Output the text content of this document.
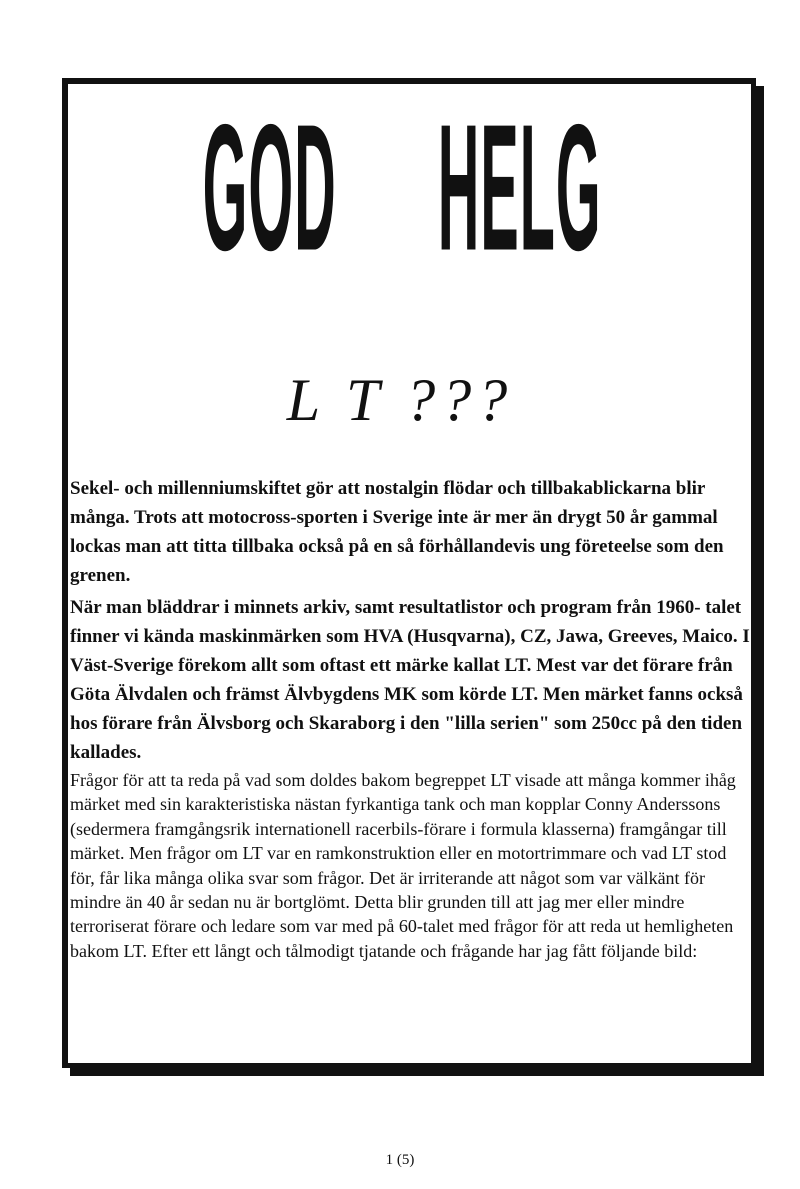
GOD HELG
L T ???
Sekel- och millenniumskiftet gör att nostalgin flödar och tillbakablickarna blir många. Trots att motocross-sporten i Sverige inte är mer än drygt 50 år gammal lockas man att titta tillbaka också på en så förhållandevis ung företeelse som den grenen.
När man bläddrar i minnets arkiv, samt resultatlistor och program från 1960- talet finner vi kända maskinmärken som HVA (Husqvarna), CZ, Jawa, Greeves, Maico. I Väst-Sverige förekom allt som oftast ett märke kallat LT. Mest var det förare från Göta Älvdalen och främst Älvbygdens MK som körde LT. Men märket fanns också hos förare från Älvsborg och Skaraborg i den "lilla serien" som 250cc på den tiden kallades.
Frågor för att ta reda på vad som doldes bakom begreppet LT visade att många kommer ihåg märket med sin karakteristiska nästan fyrkantiga tank och man kopplar Conny Anderssons (sedermera framgångsrik internationell racerbils-förare i formula klasserna) framgångar till märket. Men frågor om LT var en ramkonstruktion eller en motortrimmare och vad LT stod för, får lika många olika svar som frågor. Det är irriterande att något som var välkänt för mindre än 40 år sedan nu är bortglömt. Detta blir grunden till att jag mer eller mindre terroriserat förare och ledare som var med på 60-talet med frågor för att reda ut hemligheten bakom LT. Efter ett långt och tålmodigt tjatande och frågande har jag fått följande bild:
1 (5)
